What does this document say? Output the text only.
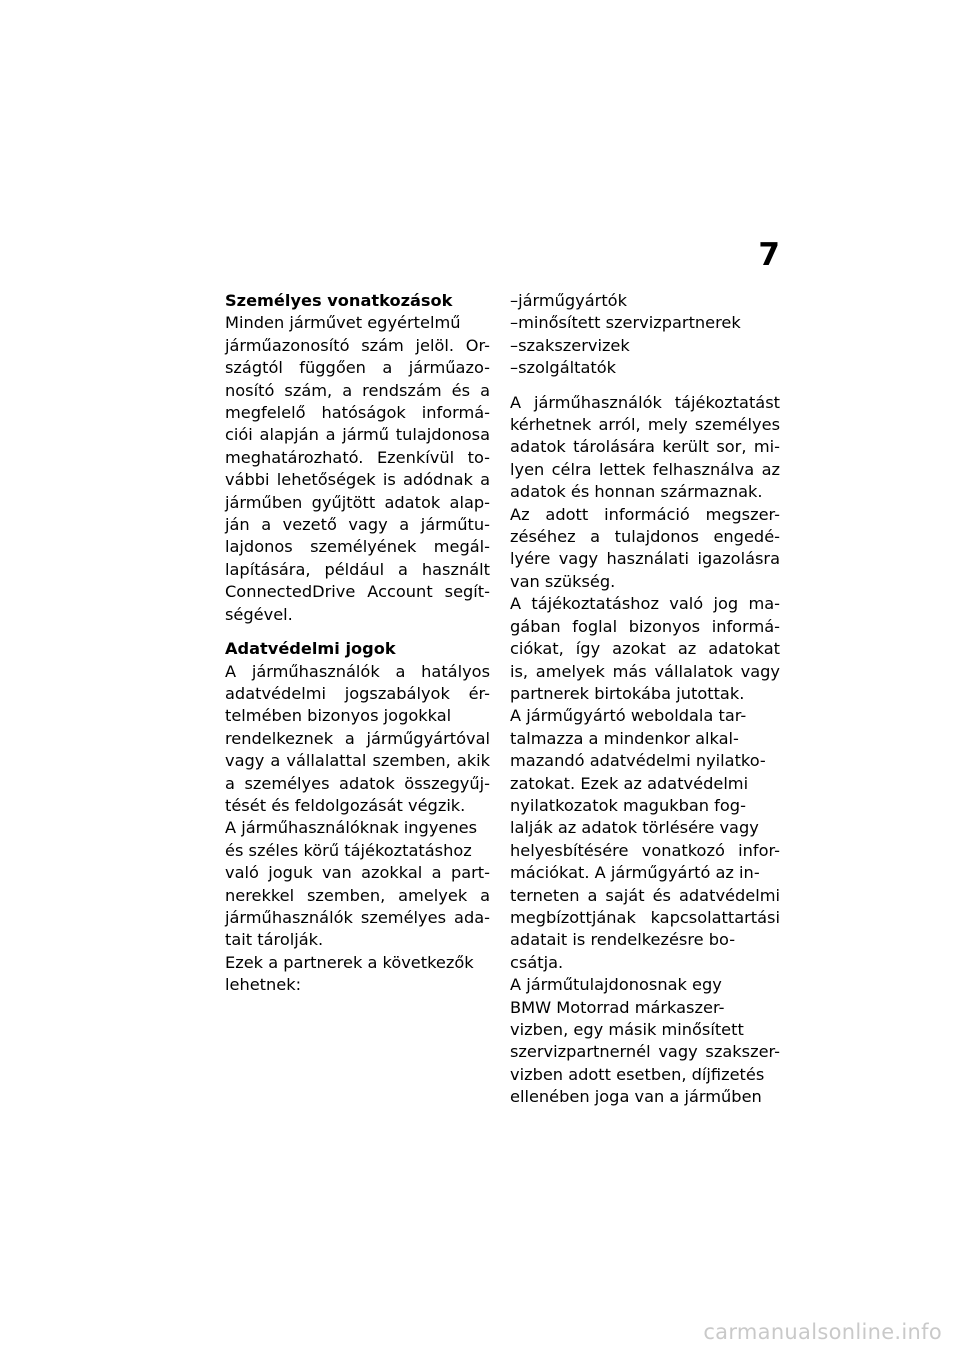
7
Személyes vonatkozások
Minden járművet egyértelmű
járműazonosító szám jelöl. Or-
szágtól függően a járműazo-
nosító szám, a rendszám és a
megfelelő hatóságok informá-
ciói alapján a jármű tulajdonosa
meghatározható. Ezenkívül to-
vábbi lehetőségek is adódnak a
járműben gyűjtött adatok alap-
ján a vezető vagy a járműtu-
lajdonos személyének megál-
lapítására, például a használt
ConnectedDrive Account segít-
ségével.
Adatvédelmi jogok
A járműhasználók a hatályos
adatvédelmi jogszabályok ér-
telmében bizonyos jogokkal
rendelkeznek a járműgyártóval
vagy a vállalattal szemben, akik
a személyes adatok összegyűj-
tését és feldolgozását végzik.
A járműhasználóknak ingyenes
és széles körű tájékoztatáshoz
való joguk van azokkal a part-
nerekkel szemben, amelyek a
járműhasználók személyes ada-
tait tárolják.
Ezek a partnerek a következők
lehetnek:
–járműgyártók
–minősített szervizpartnerek
–szakszervizek
–szolgáltatók
A járműhasználók tájékoztatást
kérhetnek arról, mely személyes
adatok tárolására került sor, mi-
lyen célra lettek felhasználva az
adatok és honnan származnak.
Az adott információ megszer-
zéséhez a tulajdonos engedé-
lyére vagy használati igazolásra
van szükség.
A tájékoztatáshoz való jog ma-
gában foglal bizonyos informá-
ciókat, így azokat az adatokat
is, amelyek más vállalatok vagy
partnerek birtokába jutottak.
A járműgyártó weboldala tar-
talmazza a mindenkor alkal-
mazandó adatvédelmi nyilatko-
zatokat. Ezek az adatvédelmi
nyilatkozatok magukban fog-
lalják az adatok törlésére vagy
helyesbítésére vonatkozó infor-
mációkat. A járműgyártó az in-
terneten a saját és adatvédelmi
megbízottjának kapcsolattartási
adatait is rendelkezésre bo-
csátja.
A járműtulajdonosnak egy
BMW Motorrad márkaszer-
vizben, egy másik minősített
szervizpartnernél vagy szakszer-
vizben adott esetben, díjfizetés
ellenében joga van a járműben
carmanualsonline.info
